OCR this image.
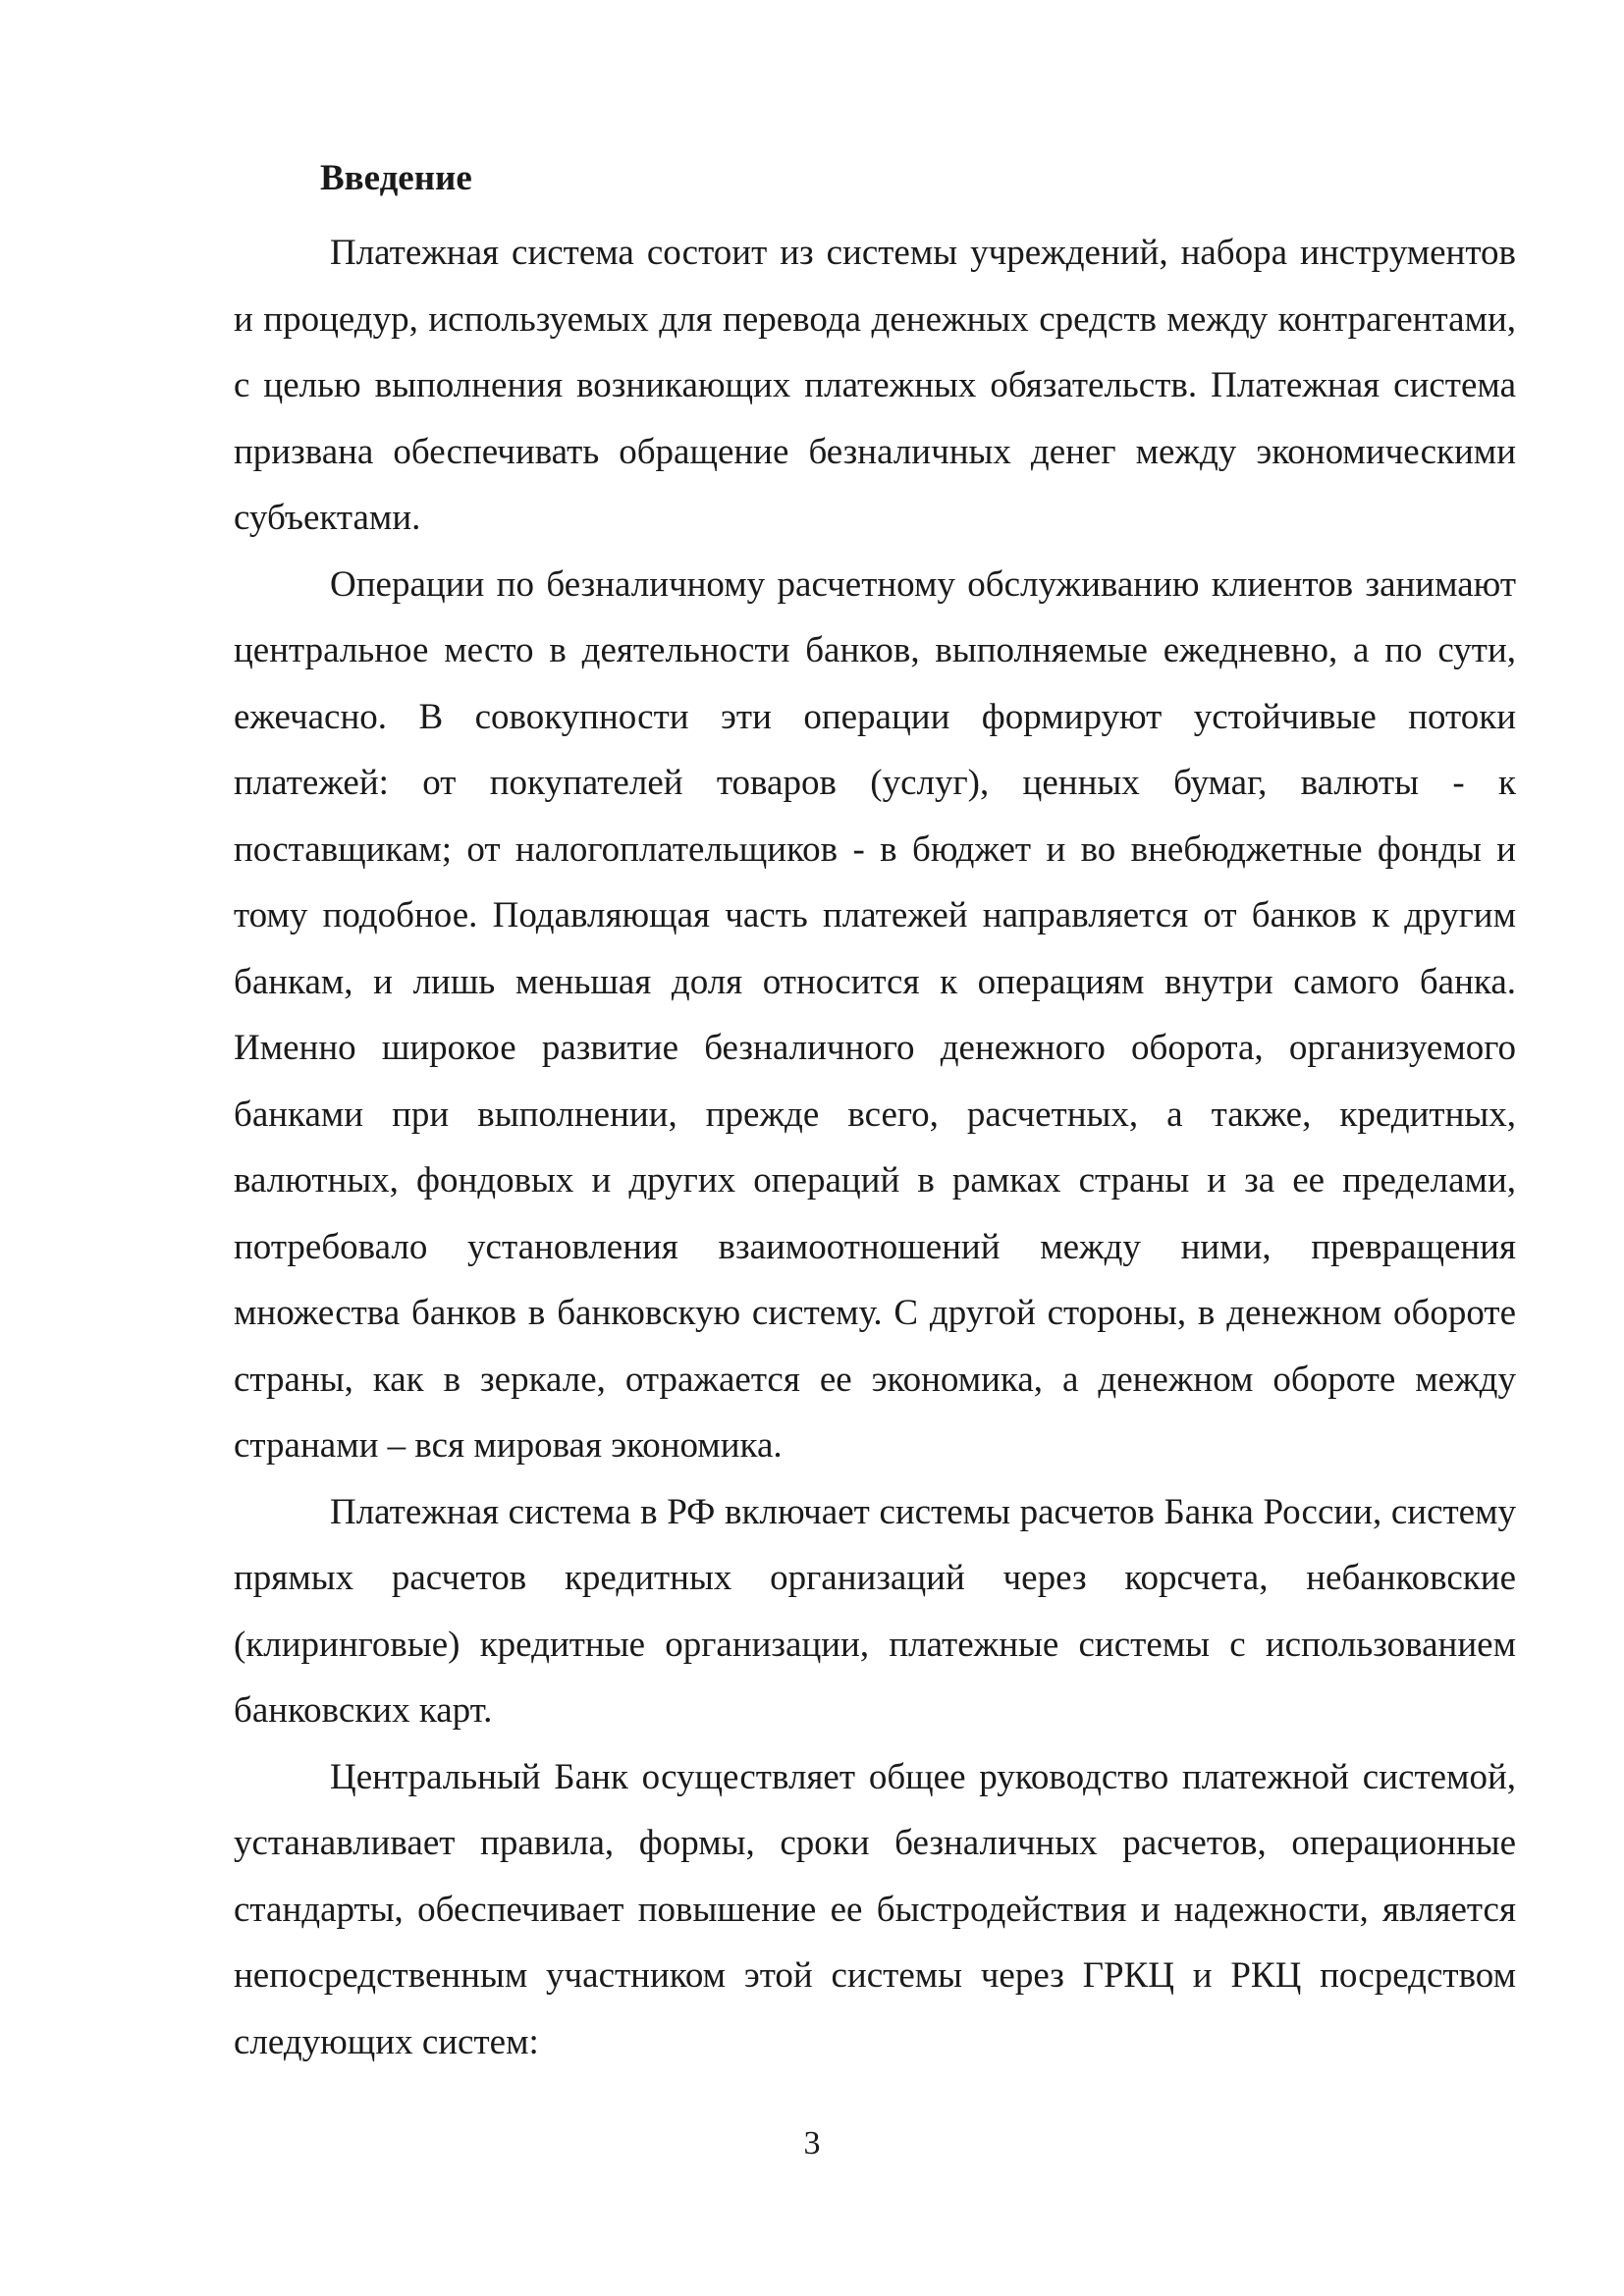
Введение

Платежная система состоит из системы учреждений, набора инструментов и процедур, используемых для перевода денежных средств между контрагентами, с целью выполнения возникающих платежных обязательств. Платежная система призвана обеспечивать обращение безналичных денег между экономическими субъектами.

Операции по безналичному расчетному обслуживанию клиентов занимают центральное место в деятельности банков, выполняемые ежедневно, а по сути, ежечасно. В совокупности эти операции формируют устойчивые потоки платежей: от покупателей товаров (услуг), ценных бумаг, валюты - к поставщикам; от налогоплательщиков - в бюджет и во внебюджетные фонды и тому подобное. Подавляющая часть платежей направляется от банков к другим банкам, и лишь меньшая доля относится к операциям внутри самого банка. Именно широкое развитие безналичного денежного оборота, организуемого банками при выполнении, прежде всего, расчетных, а также, кредитных, валютных, фондовых и других операций в рамках страны и за ее пределами, потребовало установления взаимоотношений между ними, превращения множества банков в банковскую систему. С другой стороны, в денежном обороте страны, как в зеркале, отражается ее экономика, а денежном обороте между странами – вся мировая экономика.

Платежная система в РФ включает системы расчетов Банка России, систему прямых расчетов кредитных организаций через корсчета, небанковские (клиринговые) кредитные организации, платежные системы с использованием банковских карт.

Центральный Банк осуществляет общее руководство платежной системой, устанавливает правила, формы, сроки безналичных расчетов, операционные стандарты, обеспечивает повышение ее быстродействия и надежности, является непосредственным участником этой системы через ГРКЦ и РКЦ посредством следующих систем:

3
